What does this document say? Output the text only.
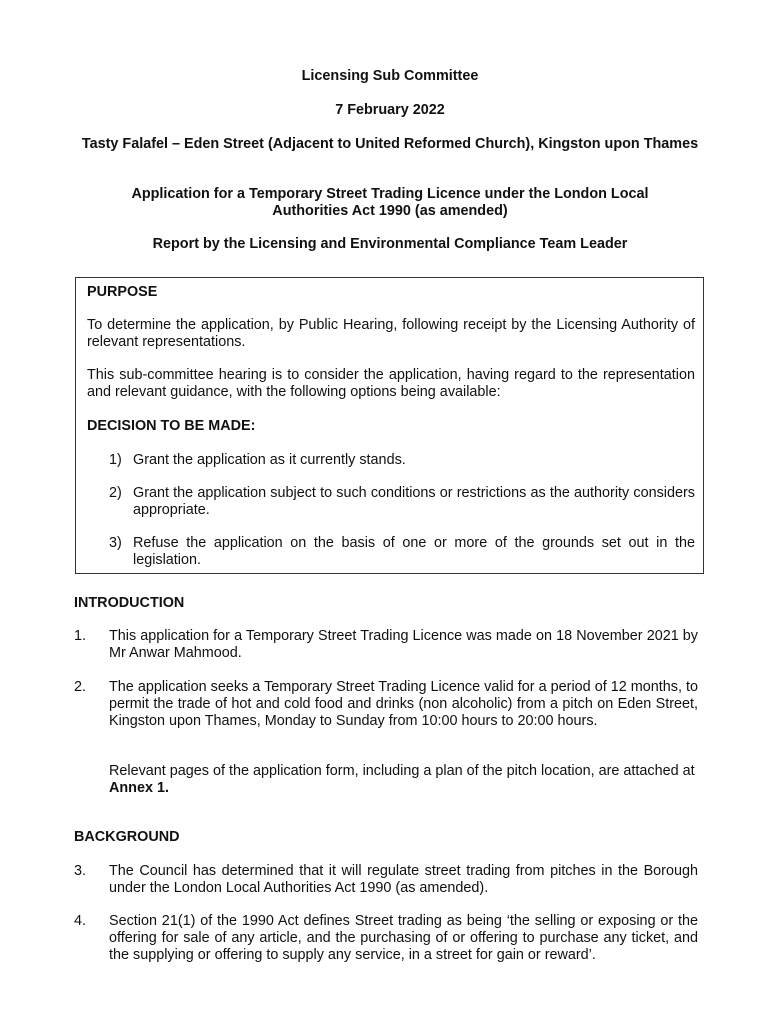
Licensing Sub Committee

7 February 2022

Tasty Falafel – Eden Street (Adjacent to United Reformed Church), Kingston upon Thames

Application for a Temporary Street Trading Licence under the London Local Authorities Act 1990 (as amended)

Report by the Licensing and Environmental Compliance Team Leader

PURPOSE

To determine the application, by Public Hearing, following receipt by the Licensing Authority of relevant representations.

This sub-committee hearing is to consider the application, having regard to the representation and relevant guidance, with the following options being available:

DECISION TO BE MADE:

1) Grant the application as it currently stands.
2) Grant the application subject to such conditions or restrictions as the authority considers appropriate.
3) Refuse the application on the basis of one or more of the grounds set out in the legislation.

INTRODUCTION

1. This application for a Temporary Street Trading Licence was made on 18 November 2021 by Mr Anwar Mahmood.
2. The application seeks a Temporary Street Trading Licence valid for a period of 12 months, to permit the trade of hot and cold food and drinks (non alcoholic) from a pitch on Eden Street, Kingston upon Thames, Monday to Sunday from 10:00 hours to 20:00 hours.
Relevant pages of the application form, including a plan of the pitch location, are attached at Annex 1.

BACKGROUND

3. The Council has determined that it will regulate street trading from pitches in the Borough under the London Local Authorities Act 1990 (as amended).
4. Section 21(1) of the 1990 Act defines Street trading as being ‘the selling or exposing or the offering for sale of any article, and the purchasing of or offering to purchase any ticket, and the supplying or offering to supply any service, in a street for gain or reward’.
